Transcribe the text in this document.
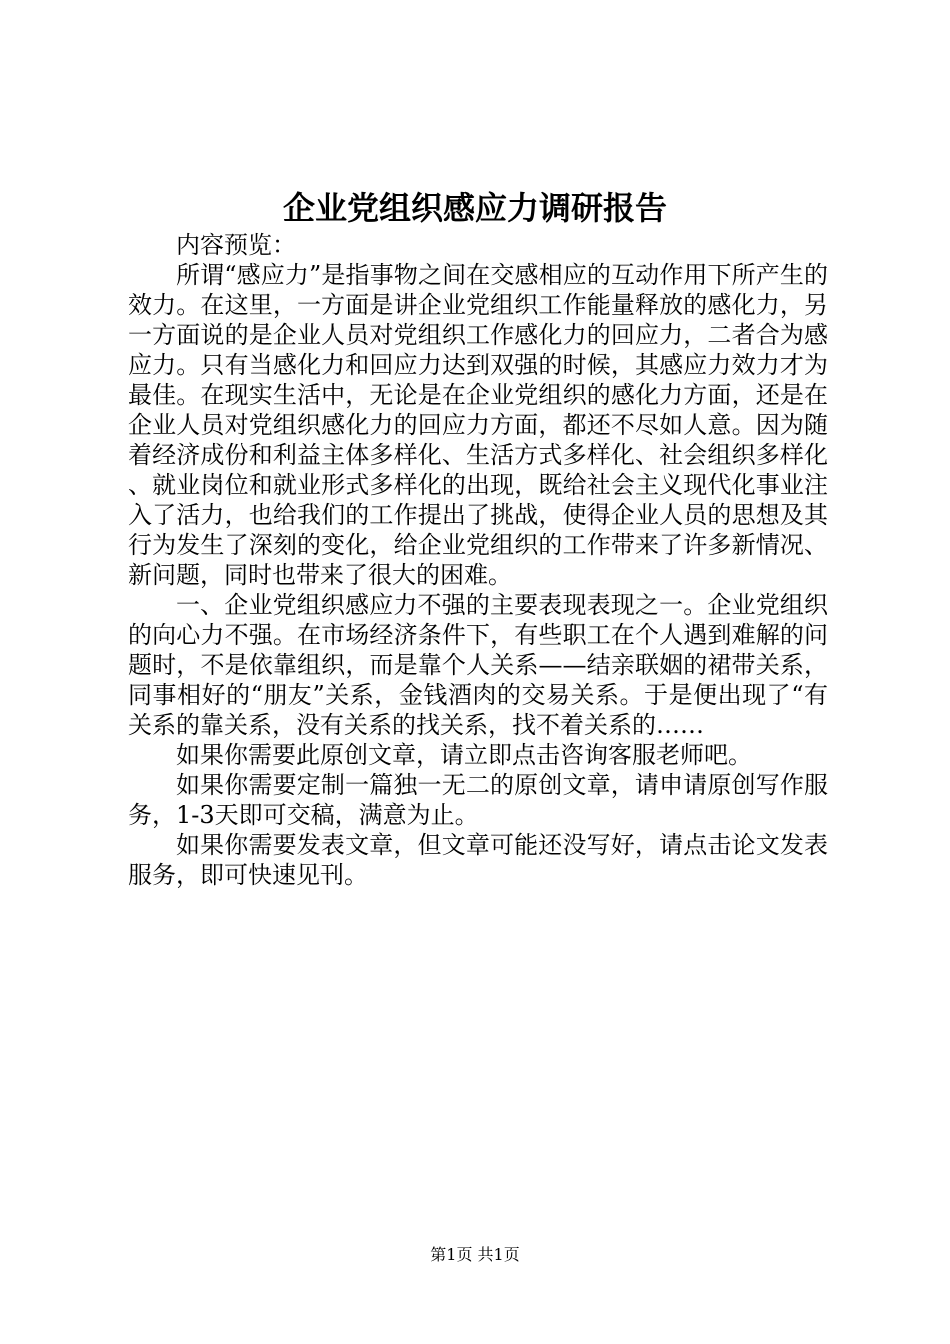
企业党组织感应力调研报告

内容预览：

所谓“感应力”是指事物之间在交感相应的互动作用下所产生的效力。在这里，一方面是讲企业党组织工作能量释放的感化力，另一方面说的是企业人员对党组织工作感化力的回应力，二者合为感应力。只有当感化力和回应力达到双强的时候，其感应力效力才为最佳。在现实生活中，无论是在企业党组织的感化力方面，还是在企业人员对党组织感化力的回应力方面，都还不尽如人意。因为随着经济成份和利益主体多样化、生活方式多样化、社会组织多样化、就业岗位和就业形式多样化的出现，既给社会主义现代化事业注入了活力，也给我们的工作提出了挑战，使得企业人员的思想及其行为发生了深刻的变化，给企业党组织的工作带来了许多新情况、新问题，同时也带来了很大的困难。

一、企业党组织感应力不强的主要表现表现之一。企业党组织的向心力不强。在市场经济条件下，有些职工在个人遇到难解的问题时，不是依靠组织，而是靠个人关系——结亲联姻的裙带关系，同事相好的“朋友”关系，金钱酒肉的交易关系。于是便出现了“有关系的靠关系，没有关系的找关系，找不着关系的……

如果你需要此原创文章，请立即点击咨询客服老师吧。

如果你需要定制一篇独一无二的原创文章，请申请原创写作服务，1-3天即可交稿，满意为止。

如果你需要发表文章，但文章可能还没写好，请点击论文发表服务，即可快速见刊。

第1页 共1页
